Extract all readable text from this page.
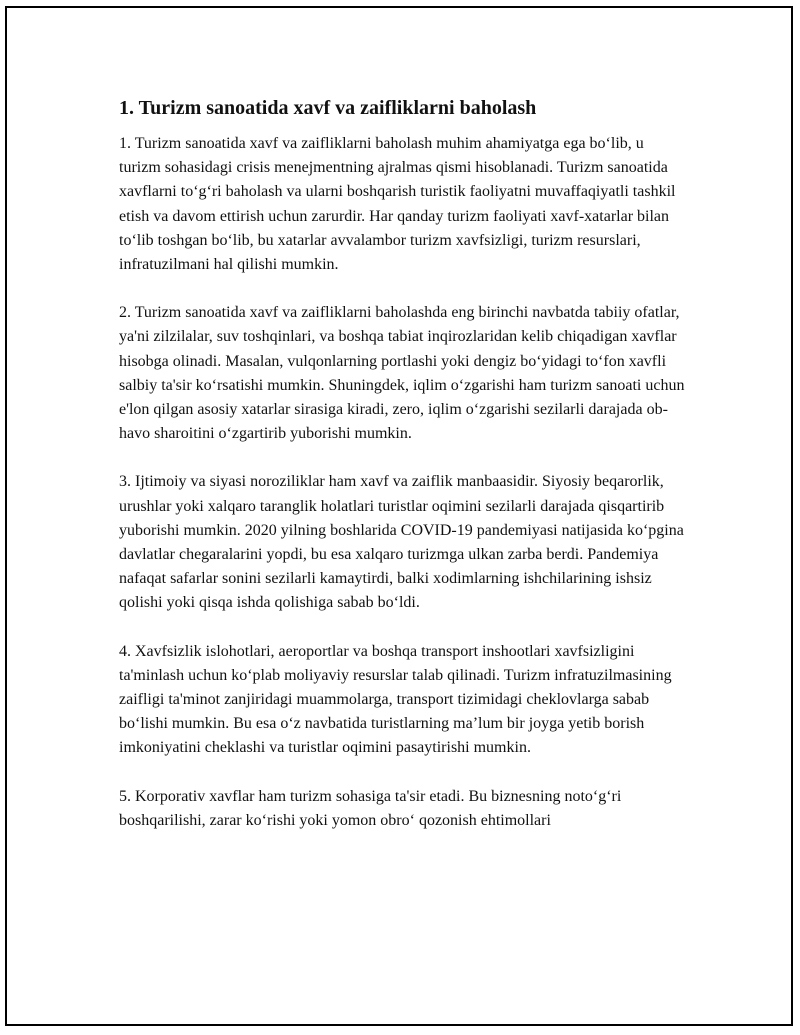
1. Turizm sanoatida xavf va zaifliklarni baholash

1. Turizm sanoatida xavf va zaifliklarni baholash muhim ahamiyatga ega bo‘lib, u turizm sohasidagi crisis menejmentning ajralmas qismi hisoblanadi. Turizm sanoatida xavflarni to‘g‘ri baholash va ularni boshqarish turistik faoliyatni muvaffaqiyatli tashkil etish va davom ettirish uchun zarurdir. Har qanday turizm faoliyati xavf-xatarlar bilan to‘lib toshgan bo‘lib, bu xatarlar avvalambor turizm xavfsizligi, turizm resurslari, infratuzilmani hal qilishi mumkin.

2. Turizm sanoatida xavf va zaifliklarni baholashda eng birinchi navbatda tabiiy ofatlar, ya'ni zilzilalar, suv toshqinlari, va boshqa tabiat inqirozlaridan kelib chiqadigan xavflar hisobga olinadi. Masalan, vulqonlarning portlashi yoki dengiz bo‘yidagi to‘fon xavfli salbiy ta'sir ko‘rsatishi mumkin. Shuningdek, iqlim o‘zgarishi ham turizm sanoati uchun e'lon qilgan asosiy xatarlar sirasiga kiradi, zero, iqlim o‘zgarishi sezilarli darajada ob-havo sharoitini o‘zgartirib yuborishi mumkin.

3. Ijtimoiy va siyasi noroziliklar ham xavf va zaiflik manbaasidir. Siyosiy beqarorlik, urushlar yoki xalqaro taranglik holatlari turistlar oqimini sezilarli darajada qisqartirib yuborishi mumkin. 2020 yilning boshlarida COVID-19 pandemiyasi natijasida ko‘pgina davlatlar chegaralarini yopdi, bu esa xalqaro turizmga ulkan zarba berdi. Pandemiya nafaqat safarlar sonini sezilarli kamaytirdi, balki xodimlarning ishchilarining ishsiz qolishi yoki qisqa ishda qolishiga sabab bo‘ldi.

4. Xavfsizlik islohotlari, aeroportlar va boshqa transport inshootlari xavfsizligini ta'minlash uchun ko‘plab moliyaviy resurslar talab qilinadi. Turizm infratuzilmasining zaifligi ta'minot zanjiridagi muammolarga, transport tizimidagi cheklovlarga sabab bo‘lishi mumkin. Bu esa o‘z navbatida turistlarning ma’lum bir joyga yetib borish imkoniyatini cheklashi va turistlar oqimini pasaytirishi mumkin.

5. Korporativ xavflar ham turizm sohasiga ta'sir etadi. Bu biznesning noto‘g‘ri boshqarilishi, zarar ko‘rishi yoki yomon obro‘ qozonish ehtimollari
